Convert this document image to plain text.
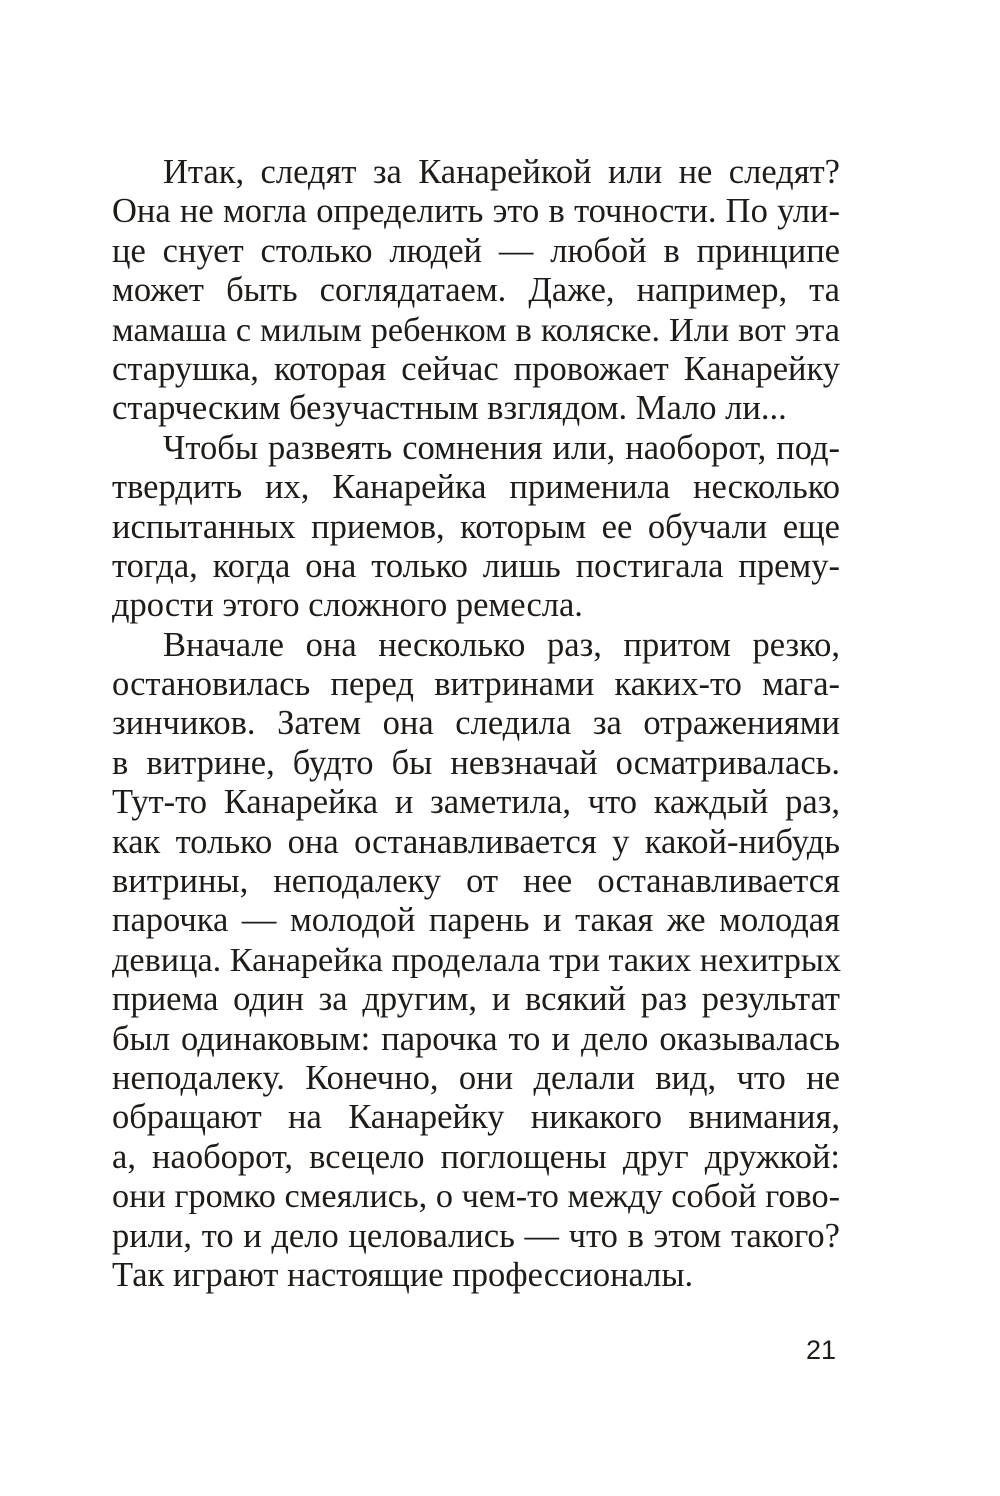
Итак, следят за Канарейкой или не следят?
Она не могла определить это в точности. По ули-
це снует столько людей — любой в принципе
может быть соглядатаем. Даже, например, та
мамаша с милым ребенком в коляске. Или вот эта
старушка, которая сейчас провожает Канарейку
старческим безучастным взглядом. Мало ли...
Чтобы развеять сомнения или, наоборот, под-
твердить их, Канарейка применила несколько
испытанных приемов, которым ее обучали еще
тогда, когда она только лишь постигала прему-
дрости этого сложного ремесла.
Вначале она несколько раз, притом резко,
остановилась перед витринами каких-то мага-
зинчиков. Затем она следила за отражениями
в витрине, будто бы невзначай осматривалась.
Тут-то Канарейка и заметила, что каждый раз,
как только она останавливается у какой-нибудь
витрины, неподалеку от нее останавливается
парочка — молодой парень и такая же молодая
девица. Канарейка проделала три таких нехитрых
приема один за другим, и всякий раз результат
был одинаковым: парочка то и дело оказывалась
неподалеку. Конечно, они делали вид, что не
обращают на Канарейку никакого внимания,
а, наоборот, всецело поглощены друг дружкой:
они громко смеялись, о чем-то между собой гово-
рили, то и дело целовались — что в этом такого?
Так играют настоящие профессионалы.
21
